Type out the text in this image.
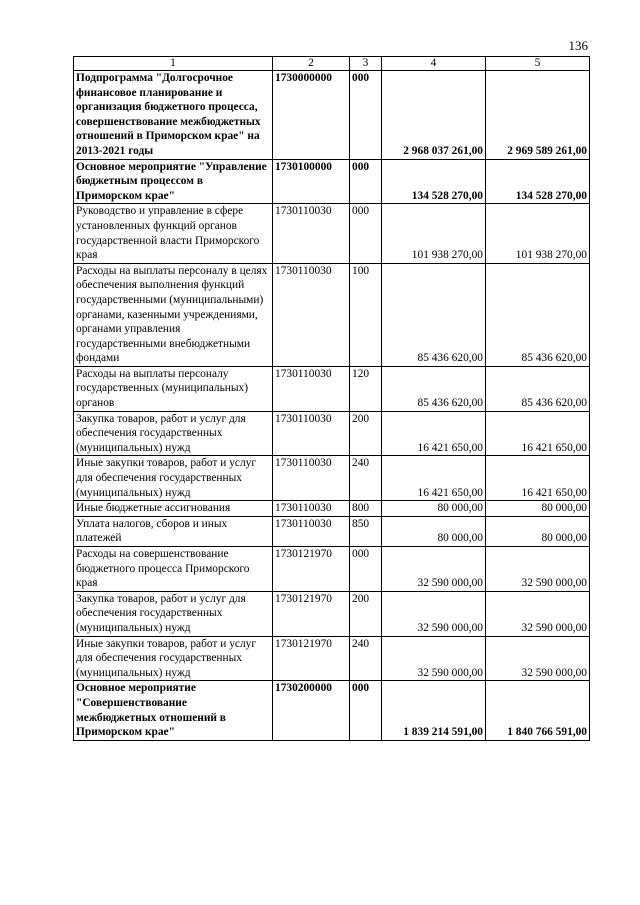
136
1	2	3	4	5
Подпрограмма "Долгосрочное финансовое планирование и организация бюджетного процесса, совершенствование межбюджетных отношений в Приморском крае" на 2013-2021 годы	1730000000	000	2 968 037 261,00	2 969 589 261,00
Основное мероприятие "Управление бюджетным процессом в Приморском крае"	1730100000	000	134 528 270,00	134 528 270,00
Руководство и управление в сфере установленных функций органов государственной власти Приморского края	1730110030	000	101 938 270,00	101 938 270,00
Расходы на выплаты персоналу в целях обеспечения выполнения функций государственными (муниципальными) органами, казенными учреждениями, органами управления государственными внебюджетными фондами	1730110030	100	85 436 620,00	85 436 620,00
Расходы на выплаты персоналу государственных (муниципальных) органов	1730110030	120	85 436 620,00	85 436 620,00
Закупка товаров, работ и услуг для обеспечения государственных (муниципальных) нужд	1730110030	200	16 421 650,00	16 421 650,00
Иные закупки товаров, работ и услуг для обеспечения государственных (муниципальных) нужд	1730110030	240	16 421 650,00	16 421 650,00
Иные бюджетные ассигнования	1730110030	800	80 000,00	80 000,00
Уплата налогов, сборов и иных платежей	1730110030	850	80 000,00	80 000,00
Расходы на совершенствование бюджетного процесса Приморского края	1730121970	000	32 590 000,00	32 590 000,00
Закупка товаров, работ и услуг для обеспечения государственных (муниципальных) нужд	1730121970	200	32 590 000,00	32 590 000,00
Иные закупки товаров, работ и услуг для обеспечения государственных (муниципальных) нужд	1730121970	240	32 590 000,00	32 590 000,00
Основное мероприятие "Совершенствование межбюджетных отношений в Приморском крае"	1730200000	000	1 839 214 591,00	1 840 766 591,00
